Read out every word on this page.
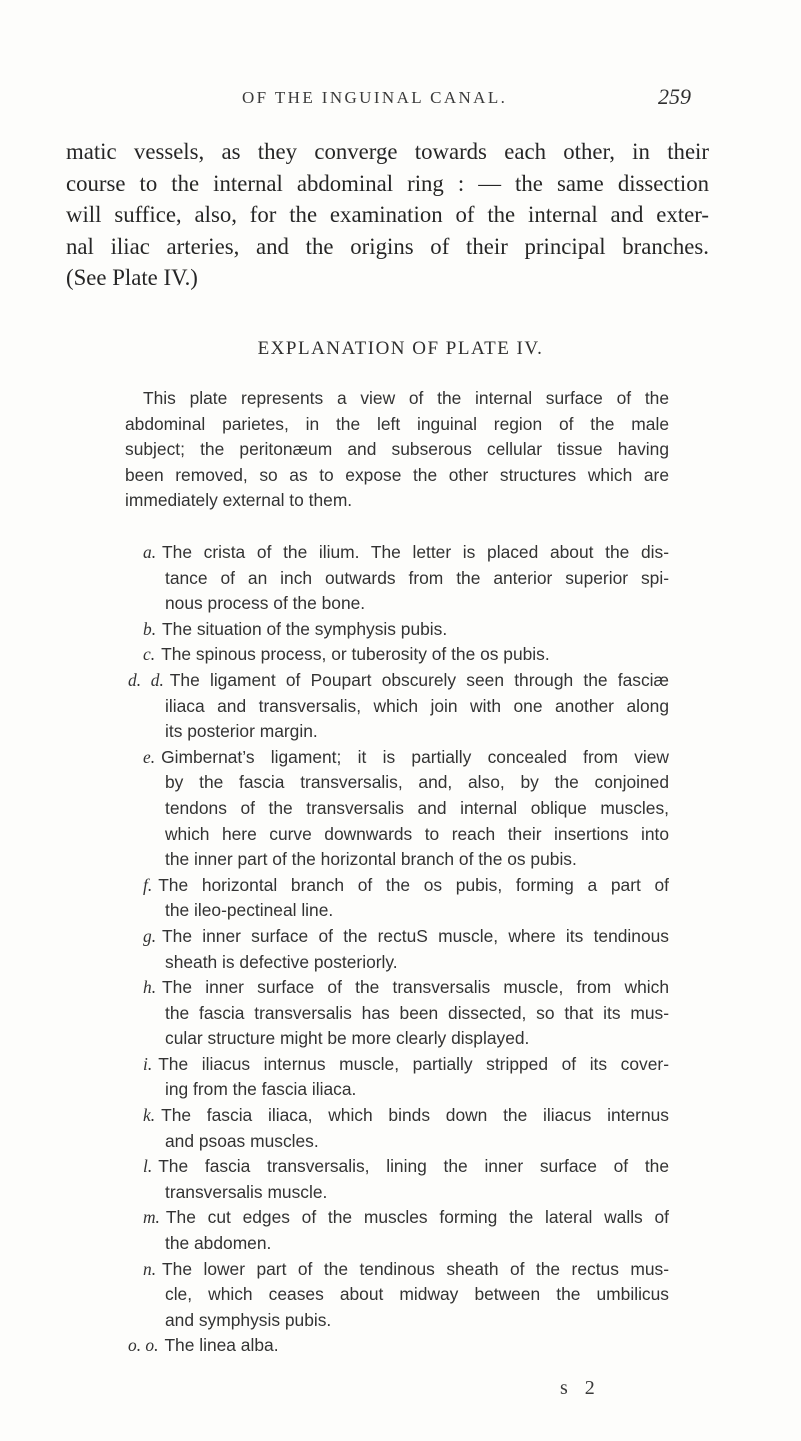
OF THE INGUINAL CANAL.	259
matic vessels, as they converge towards each other, in their
course to the internal abdominal ring : — the same dissection
will suffice, also, for the examination of the internal and exter-
nal iliac arteries, and the origins of their principal branches.
(See Plate IV.)
EXPLANATION OF PLATE IV.
This plate represents a view of the internal surface of the
abdominal parietes, in the left inguinal region of the male
subject; the peritonæum and subserous cellular tissue having
been removed, so as to expose the other structures which are
immediately external to them.
a. The crista of the ilium. The letter is placed about the dis-
tance of an inch outwards from the anterior superior spi-
nous process of the bone.
b. The situation of the symphysis pubis.
c. The spinous process, or tuberosity of the os pubis.
d. d. The ligament of Poupart obscurely seen through the fasciæ
iliaca and transversalis, which join with one another along
its posterior margin.
e. Gimbernat’s ligament; it is partially concealed from view
by the fascia transversalis, and, also, by the conjoined
tendons of the transversalis and internal oblique muscles,
which here curve downwards to reach their insertions into
the inner part of the horizontal branch of the os pubis.
f. The horizontal branch of the os pubis, forming a part of
the ileo-pectineal line.
g. The inner surface of the rectuS muscle, where its tendinous
sheath is defective posteriorly.
h. The inner surface of the transversalis muscle, from which
the fascia transversalis has been dissected, so that its mus-
cular structure might be more clearly displayed.
i. The iliacus internus muscle, partially stripped of its cover-
ing from the fascia iliaca.
k. The fascia iliaca, which binds down the iliacus internus
and psoas muscles.
l. The fascia transversalis, lining the inner surface of the
transversalis muscle.
m. The cut edges of the muscles forming the lateral walls of
the abdomen.
n. The lower part of the tendinous sheath of the rectus mus-
cle, which ceases about midway between the umbilicus
and symphysis pubis.
o. o. The linea alba.
s 2
